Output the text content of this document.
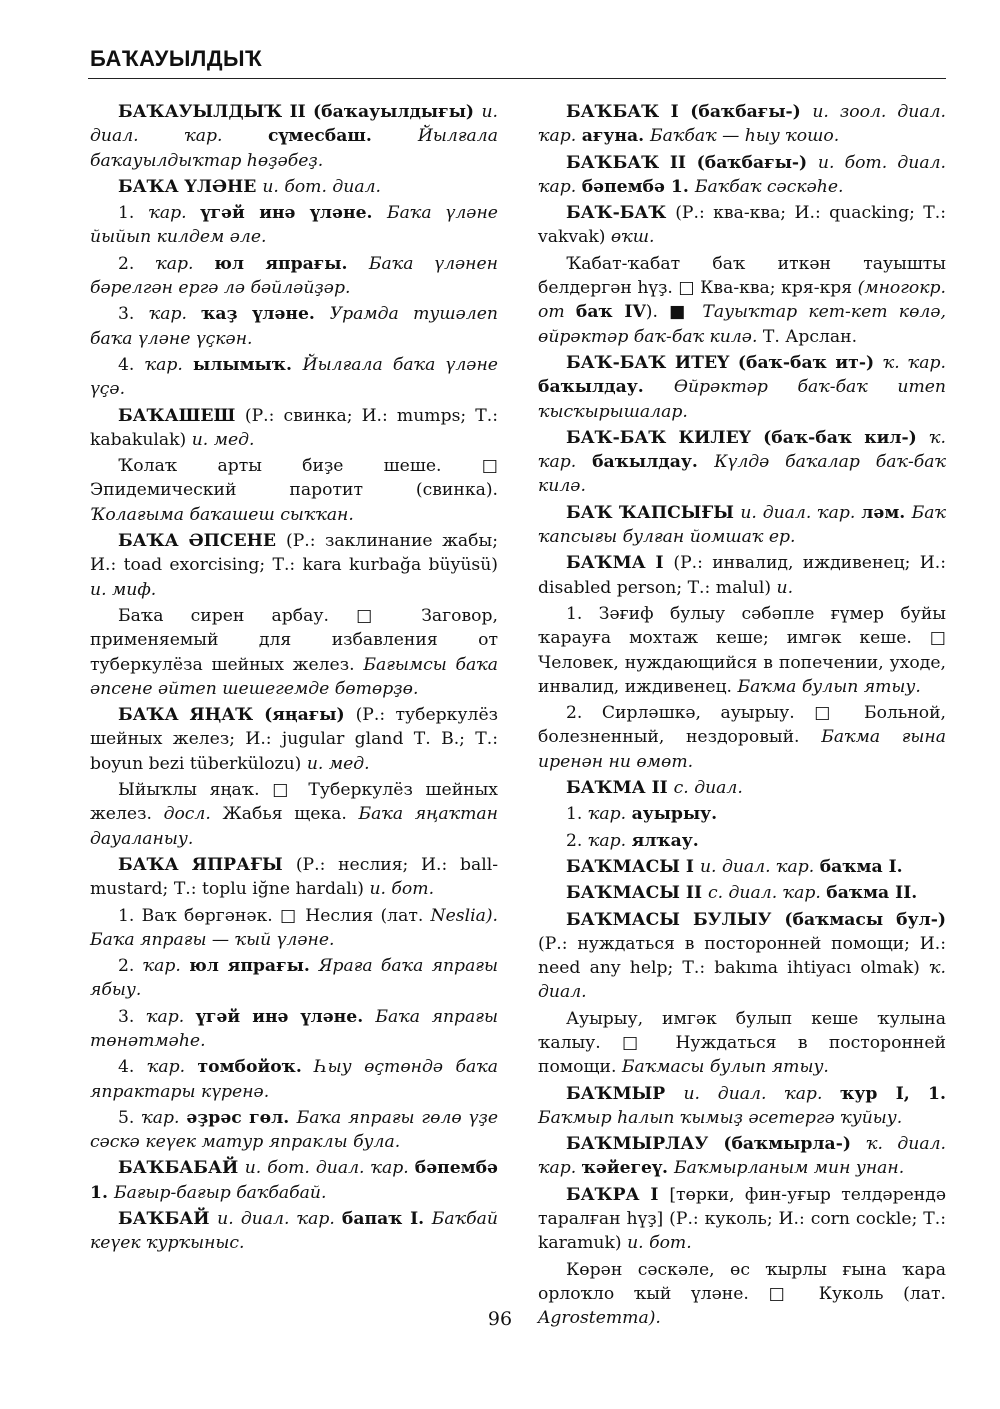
БАҠАУЫЛДЫҠ

БАҠАУЫЛДЫҠ II (баҡауылдығы) и. диал. ҡар. сүмесбаш. Йылғала баҡауылдыҡтар һөҙәбеҙ.

БАҠА ҮЛӘНЕ и. бот. диал.

1. ҡар. үгәй инә үләне. Баҡа үләне йыйып килдем әле.

2. ҡар. юл япрағы. Баҡа үләнен бәрелгән ергә лә бәйләйҙәр.

3. ҡар. ҡаҙ үләне. Урамда тушәлеп баҡа үләне үҫкән.

4. ҡар. ылымыҡ. Йылғала баҡа үләне үҫә.

БАҠАШЕШ (Р.: свинка; И.: mumps; Т.: kabakulak) и. мед.

Ҡолаҡ арты биҙе шеше. □ Эпидемический паротит (свинка). Ҡолағыма баҡашеш сыҡҡан.

БАҠА ӘПСЕНЕ (Р.: заклинание жабы; И.: toad exorcising; Т.: kara kurbağa büyüsü) и. миф.

Баҡа сирен арбау. □ Заговор, применяемый для избавления от туберкулёза шейных желез. Бағымсы баҡа әпсене әйтеп шешегемде бөтөрҙө.

БАҠА ЯҢАҠ (яңағы) (Р.: туберкулёз шейных желез; И.: jugular gland Т. В.; Т.: boyun bezi tüberkülozu) и. мед.

Ыйыҡлы яңаҡ. □ Туберкулёз шейных желез. досл. Жабья щека. Баҡа яңаҡтан дауаланыу.

БАҠА ЯПРАҒЫ (Р.: неслия; И.: ball-mustard; Т.: toplu iğne hardalı) и. бот.

1. Ваҡ бөргәнәк. □ Неслия (лат. Neslia). Баҡа япрағы — ҡый үләне.

2. ҡар. юл япрағы. Яраға баҡа япрағы ябыу.

3. ҡар. үгәй инә үләне. Баҡа япрағы төнәтмәһе.

4. ҡар. томбойоҡ. Һыу өҫтөндә баҡа япрактары күренә.

5. ҡар. әҙрәс гөл. Баҡа япрағы гөлө үҙе сәскә кеүек матур япраклы була.

БАҠБАБАЙ и. бот. диал. ҡар. бәпембә 1. Бағыр-бағыр баҡбабай.

БАҠБАЙ и. диал. ҡар. бапаҡ I. Баҡбай кеүек ҡурҡыныс.

БАҠБАҠ I (баҡбағы-) и. зоол. диал. ҡар. ағуна. Баҡбаҡ — һыу ҡошо.

БАҠБАҠ II (баҡбағы-) и. бот. диал. ҡар. бәпембә 1. Баҡбаҡ сәскәһе.

БАҠ-БАҠ (Р.: ква-ква; И.: quacking; Т.: vakvak) өҡш.

Ҡабат-ҡабат баҡ иткән тауышты белдергән һүҙ. □ Ква-ква; кря-кря (многокр. от баҡ IV). ■ Тауыҡтар кет-кет көлә, өйрәктәр баҡ-баҡ килә. Т. Арслан.

БАҠ-БАҠ ИТЕҮ (баҡ-баҡ ит-) ҡ. ҡар. баҡылдау. Өйрәктәр баҡ-баҡ итеп ҡысҡырышалар.

БАҠ-БАҠ КИЛЕҮ (баҡ-баҡ кил-) ҡ. ҡар. баҡылдау. Күлдә баҡалар баҡ-баҡ килә.

БАҠ ҠАПСЫҒЫ и. диал. ҡар. ләм. Баҡ ҡапсығы булған йомшаҡ ер.

БАҠМА I (Р.: инвалид, иждивенец; И.: disabled person; Т.: malul) и.

1. Зәғиф булыу сәбәпле ғүмер буйы ҡарауға мохтаж кеше; имгәк кеше. □ Человек, нуждающийся в попечении, уходе, инвалид, иждивенец. Баҡма булып ятыу.

2. Сирләшкә, ауырыу. □ Больной, болезненный, нездоровый. Баҡма ғына иренән ни өмөт.

БАҠМА II с. диал.

1. ҡар. ауырыу.

2. ҡар. ялҡау.

БАҠМАСЫ I и. диал. ҡар. баҡма I.

БАҠМАСЫ II с. диал. ҡар. баҡма II.

БАҠМАСЫ БУЛЫУ (баҡмасы бул-) (Р.: нуждаться в посторонней помощи; И.: need any help; Т.: bakıma ihtiyacı olmak) ҡ. диал.

Ауырыу, имгәк булып кеше ҡулына ҡалыу. □ Нуждаться в посторонней помощи. Баҡмасы булып ятыу.

БАҠМЫР и. диал. ҡар. ҡур I, 1. Баҡмыр һалып ҡымыҙ әсетергә ҡуйыу.

БАҠМЫРЛАУ (баҡмырла-) ҡ. диал. ҡар. ҡәйегеү. Баҡмырланым мин унан.

БАҠРА I [төрки, фин-уғыр телдәрендә таралған һүҙ] (Р.: куколь; И.: corn cockle; Т.: karamuk) и. бот.

Көрән сәскәле, өс ҡырлы ғына ҡара орлоҡло ҡый үләне. □ Куколь (лат. Agrostemma).

96
